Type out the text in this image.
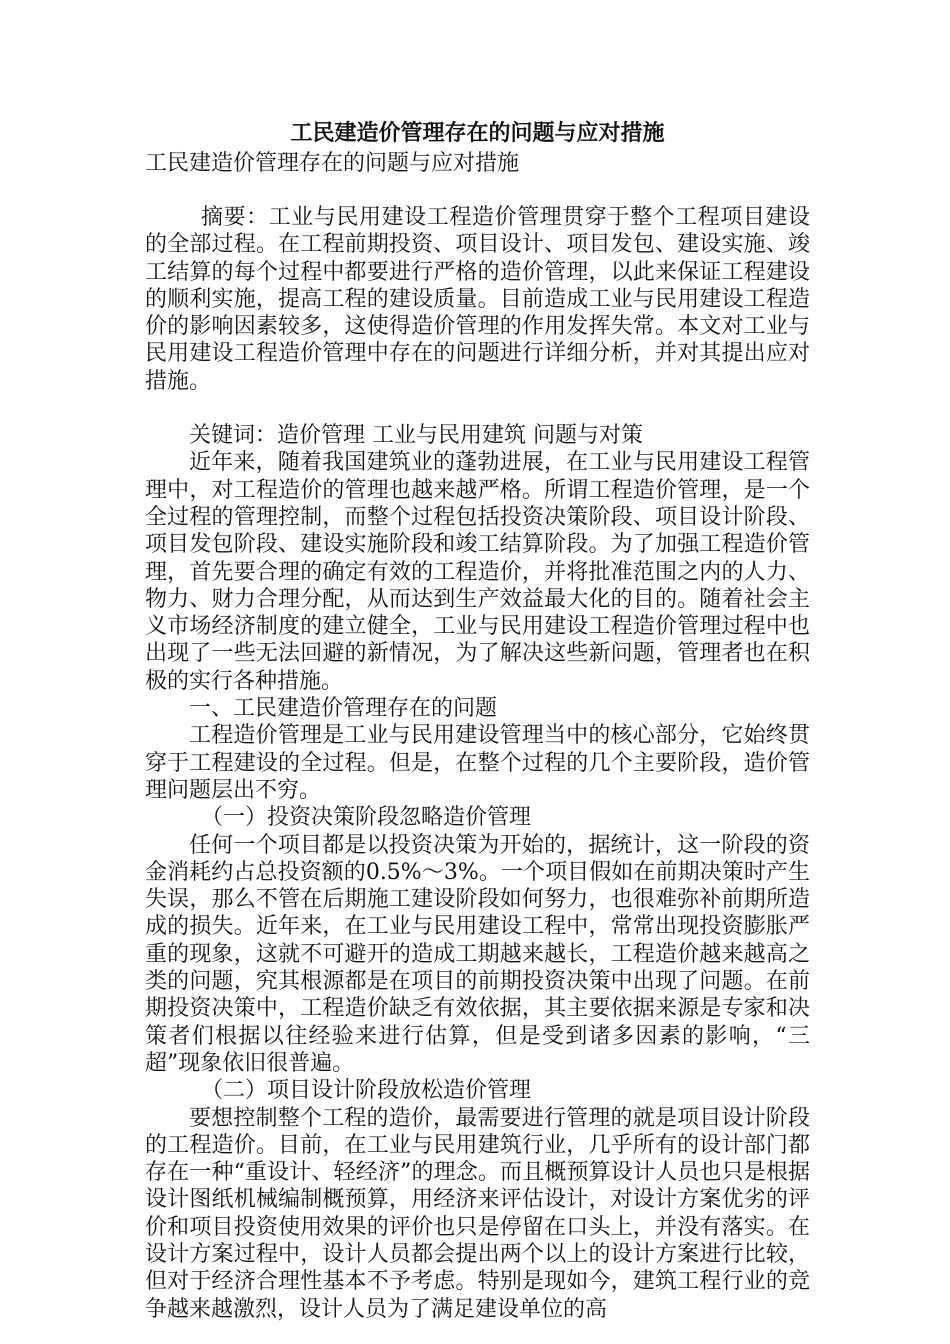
工民建造价管理存在的问题与应对措施

工民建造价管理存在的问题与应对措施

摘要：工业与民用建设工程造价管理贯穿于整个工程项目建设的全部过程。在工程前期投资、项目设计、项目发包、建设实施、竣工结算的每个过程中都要进行严格的造价管理，以此来保证工程建设的顺利实施，提高工程的建设质量。目前造成工业与民用建设工程造价的影响因素较多，这使得造价管理的作用发挥失常。本文对工业与民用建设工程造价管理中存在的问题进行详细分析，并对其提出应对措施。

关键词：造价管理 工业与民用建筑 问题与对策

近年来，随着我国建筑业的蓬勃进展，在工业与民用建设工程管理中，对工程造价的管理也越来越严格。所谓工程造价管理，是一个全过程的管理控制，而整个过程包括投资决策阶段、项目设计阶段、项目发包阶段、建设实施阶段和竣工结算阶段。为了加强工程造价管理，首先要合理的确定有效的工程造价，并将批准范围之内的人力、物力、财力合理分配，从而达到生产效益最大化的目的。随着社会主义市场经济制度的建立健全，工业与民用建设工程造价管理过程中也出现了一些无法回避的新情况，为了解决这些新问题，管理者也在积极的实行各种措施。

一、工民建造价管理存在的问题

工程造价管理是工业与民用建设管理当中的核心部分，它始终贯穿于工程建设的全过程。但是，在整个过程的几个主要阶段，造价管理问题层出不穷。

（一）投资决策阶段忽略造价管理

任何一个项目都是以投资决策为开始的，据统计，这一阶段的资金消耗约占总投资额的0.5%～3%。一个项目假如在前期决策时产生失误，那么不管在后期施工建设阶段如何努力，也很难弥补前期所造成的损失。近年来，在工业与民用建设工程中，常常出现投资膨胀严重的现象，这就不可避开的造成工期越来越长，工程造价越来越高之类的问题，究其根源都是在项目的前期投资决策中出现了问题。在前期投资决策中，工程造价缺乏有效依据，其主要依据来源是专家和决策者们根据以往经验来进行估算，但是受到诸多因素的影响，“三超”现象依旧很普遍。

（二）项目设计阶段放松造价管理

要想控制整个工程的造价，最需要进行管理的就是项目设计阶段的工程造价。目前，在工业与民用建筑行业，几乎所有的设计部门都存在一种“重设计、轻经济”的理念。而且概预算设计人员也只是根据设计图纸机械编制概预算，用经济来评估设计，对设计方案优劣的评价和项目投资使用效果的评价也只是停留在口头上，并没有落实。在设计方案过程中，设计人员都会提出两个以上的设计方案进行比较，但对于经济合理性基本不予考虑。特别是现如今，建筑工程行业的竞争越来越激烈，设计人员为了满足建设单位的高
